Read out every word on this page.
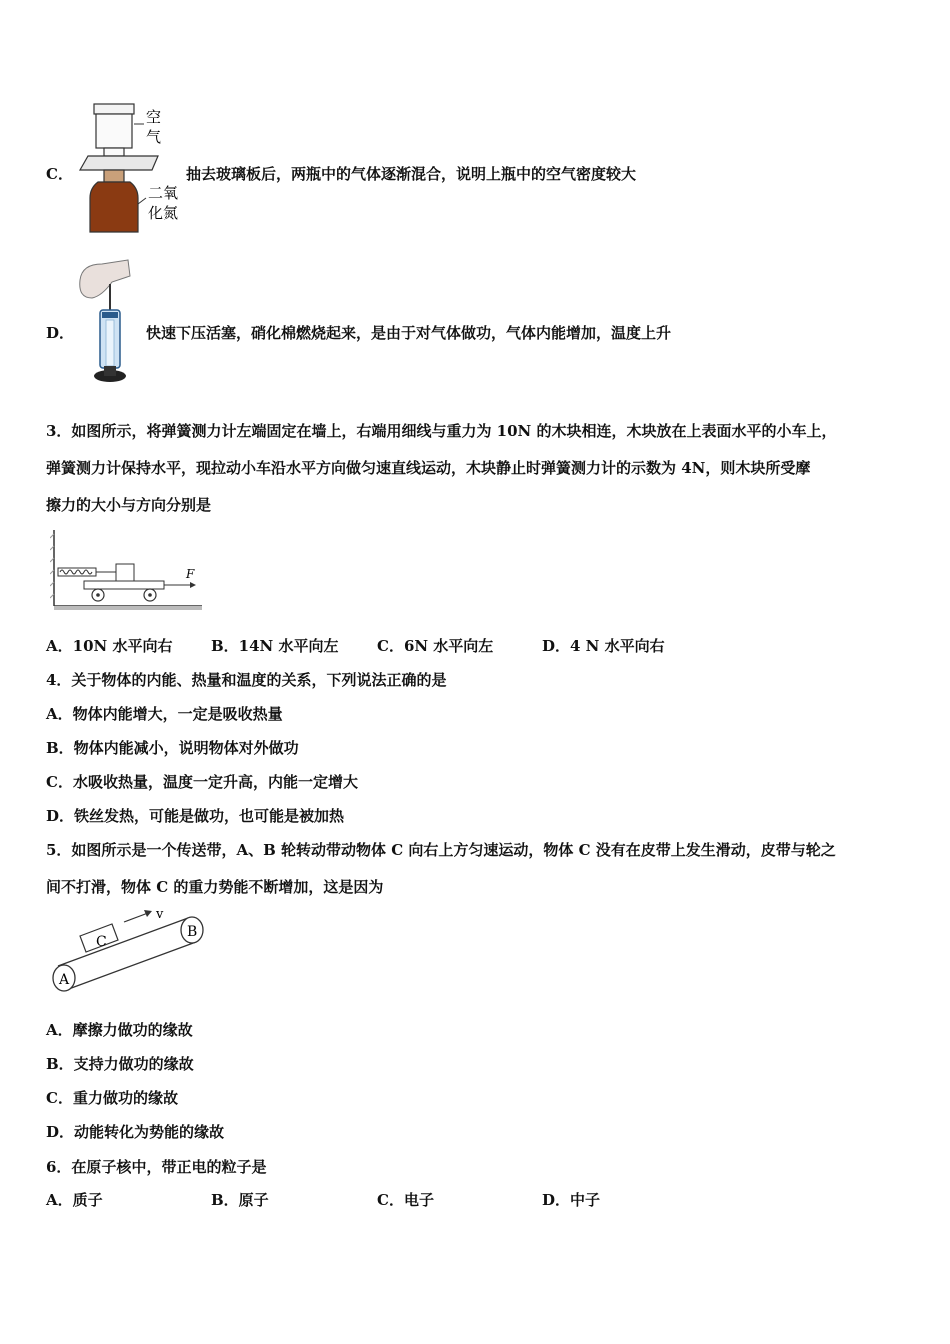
C．
空
气
二氧
化氮
抽去玻璃板后，两瓶中的气体逐渐混合，说明上瓶中的空气密度较大
D．	快速下压活塞，硝化棉燃烧起来，是由于对气体做功，气体内能增加，温度上升
3．如图所示，将弹簧测力计左端固定在墙上，右端用细线与重力为 10N 的木块相连，木块放在上表面水平的小车上，
弹簧测力计保持水平，现拉动小车沿水平方向做匀速直线运动，木块静止时弹簧测力计的示数为 4N，则木块所受摩
擦力的大小与方向分别是
F
A．10N 水平向右	B．14N 水平向左	C．6N 水平向左	D．4 N 水平向右
4．关于物体的内能、热量和温度的关系，下列说法正确的是
A．物体内能增大，一定是吸收热量
B．物体内能减小，说明物体对外做功
C．水吸收热量，温度一定升高，内能一定增大
D．铁丝发热，可能是做功，也可能是被加热
5．如图所示是一个传送带，A、B 轮转动带动物体 C 向右上方匀速运动，物体 C 没有在皮带上发生滑动，皮带与轮之
间不打滑，物体 C 的重力势能不断增加，这是因为
A
B
C
v
A．摩擦力做功的缘故
B．支持力做功的缘故
C．重力做功的缘故
D．动能转化为势能的缘故
6．在原子核中，带正电的粒子是
A．质子	B．原子	C．电子	D．中子
